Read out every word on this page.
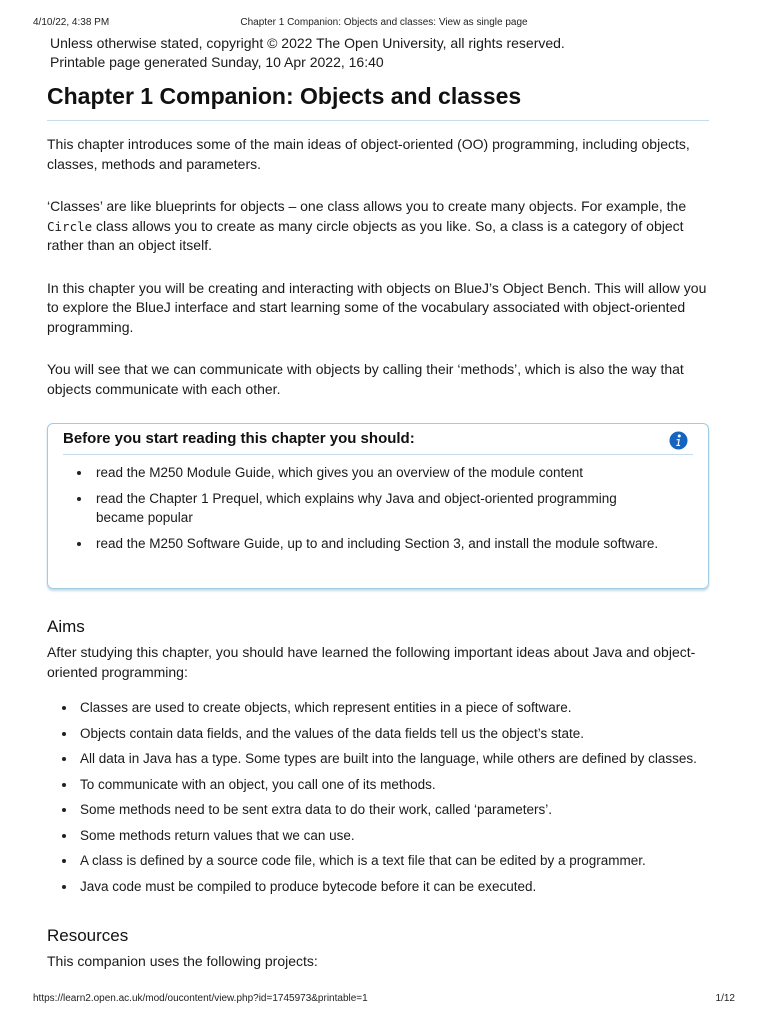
4/10/22, 4:38 PM	Chapter 1 Companion: Objects and classes: View as single page
Unless otherwise stated, copyright © 2022 The Open University, all rights reserved.
Printable page generated Sunday, 10 Apr 2022, 16:40
Chapter 1 Companion: Objects and classes

This chapter introduces some of the main ideas of object-oriented (OO) programming, including objects, classes, methods and parameters.

‘Classes’ are like blueprints for objects – one class allows you to create many objects. For example, the Circle class allows you to create as many circle objects as you like. So, a class is a category of object rather than an object itself.

In this chapter you will be creating and interacting with objects on BlueJ’s Object Bench. This will allow you to explore the BlueJ interface and start learning some of the vocabulary associated with object-oriented programming.

You will see that we can communicate with objects by calling their ‘methods’, which is also the way that objects communicate with each other.

Before you start reading this chapter you should:
read the M250 Module Guide, which gives you an overview of the module content
read the Chapter 1 Prequel, which explains why Java and object-oriented programming became popular
read the M250 Software Guide, up to and including Section 3, and install the module software.
Aims

After studying this chapter, you should have learned the following important ideas about Java and object-oriented programming:

Classes are used to create objects, which represent entities in a piece of software.
Objects contain data fields, and the values of the data fields tell us the object’s state.
All data in Java has a type. Some types are built into the language, while others are defined by classes.
To communicate with an object, you call one of its methods.
Some methods need to be sent extra data to do their work, called ‘parameters’.
Some methods return values that we can use.
A class is defined by a source code file, which is a text file that can be edited by a programmer.
Java code must be compiled to produce bytecode before it can be executed.
Resources

This companion uses the following projects:

https://learn2.open.ac.uk/mod/oucontent/view.php?id=1745973&printable=1	1/12
